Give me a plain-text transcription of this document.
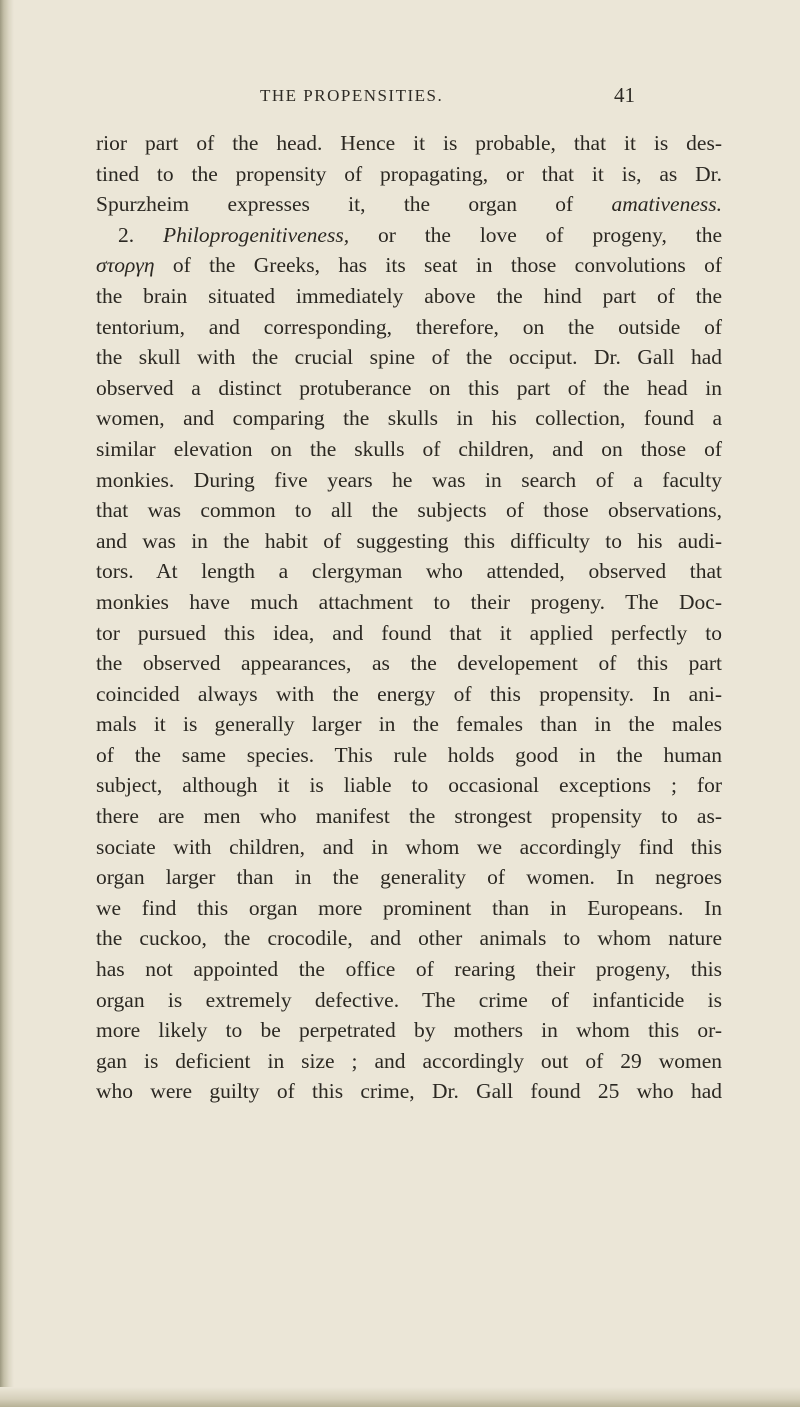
THE PROPENSITIES.	41
rior part of the head. Hence it is probable, that it is des-
tined to the propensity of propagating, or that it is, as Dr.
Spurzheim expresses it, the organ of amativeness.
2. Philoprogenitiveness, or the love of progeny, the
στοργη of the Greeks, has its seat in those convolutions of
the brain situated immediately above the hind part of the
tentorium, and corresponding, therefore, on the outside of
the skull with the crucial spine of the occiput. Dr. Gall had
observed a distinct protuberance on this part of the head in
women, and comparing the skulls in his collection, found a
similar elevation on the skulls of children, and on those of
monkies. During five years he was in search of a faculty
that was common to all the subjects of those observations,
and was in the habit of suggesting this difficulty to his audi-
tors. At length a clergyman who attended, observed that
monkies have much attachment to their progeny. The Doc-
tor pursued this idea, and found that it applied perfectly to
the observed appearances, as the developement of this part
coincided always with the energy of this propensity. In ani-
mals it is generally larger in the females than in the males
of the same species. This rule holds good in the human
subject, although it is liable to occasional exceptions ; for
there are men who manifest the strongest propensity to as-
sociate with children, and in whom we accordingly find this
organ larger than in the generality of women. In negroes
we find this organ more prominent than in Europeans. In
the cuckoo, the crocodile, and other animals to whom nature
has not appointed the office of rearing their progeny, this
organ is extremely defective. The crime of infanticide is
more likely to be perpetrated by mothers in whom this or-
gan is deficient in size ; and accordingly out of 29 women
who were guilty of this crime, Dr. Gall found 25 who had
